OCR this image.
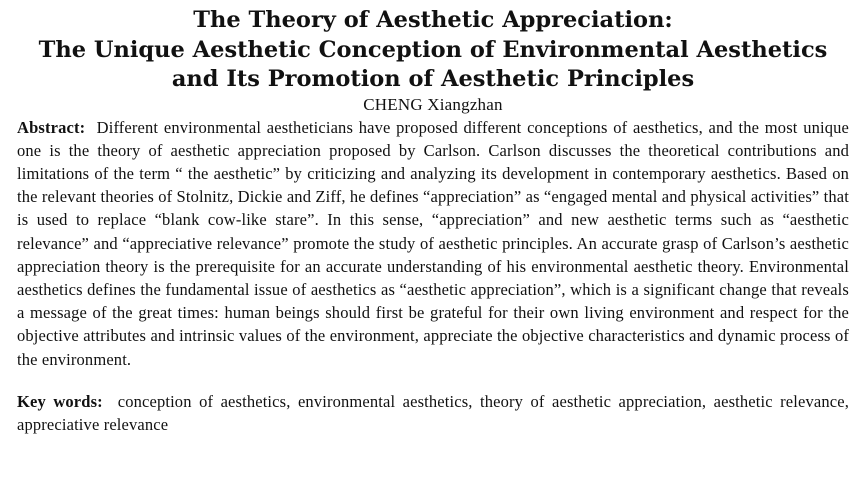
The Theory of Aesthetic Appreciation:
The Unique Aesthetic Conception of Environmental Aesthetics
and Its Promotion of Aesthetic Principles
CHENG Xiangzhan

Abstract: Different environmental aestheticians have proposed different conceptions of aesthetics, and the most unique one is the theory of aesthetic appreciation proposed by Carlson. Carlson discusses the theoretical contributions and limitations of the term “ the aesthetic” by criticizing and analyzing its development in contemporary aesthetics. Based on the relevant theories of Stolnitz, Dickie and Ziff, he defines “appreciation” as “engaged mental and physical activities” that is used to replace “blank cow-like stare”. In this sense, “appreciation” and new aesthetic terms such as “aesthetic relevance” and “appreciative relevance” promote the study of aesthetic principles. An accurate grasp of Carlson’s aesthetic appreciation theory is the prerequisite for an accurate understanding of his environmental aesthetic theory. Environmental aesthetics defines the fundamental issue of aesthetics as “aesthetic appreciation”, which is a significant change that reveals a message of the great times: human beings should first be grateful for their own living environment and respect for the objective attributes and intrinsic values of the environment, appreciate the objective characteristics and dynamic process of the environment.

Key words: conception of aesthetics, environmental aesthetics, theory of aesthetic appreciation, aesthetic relevance, appreciative relevance
